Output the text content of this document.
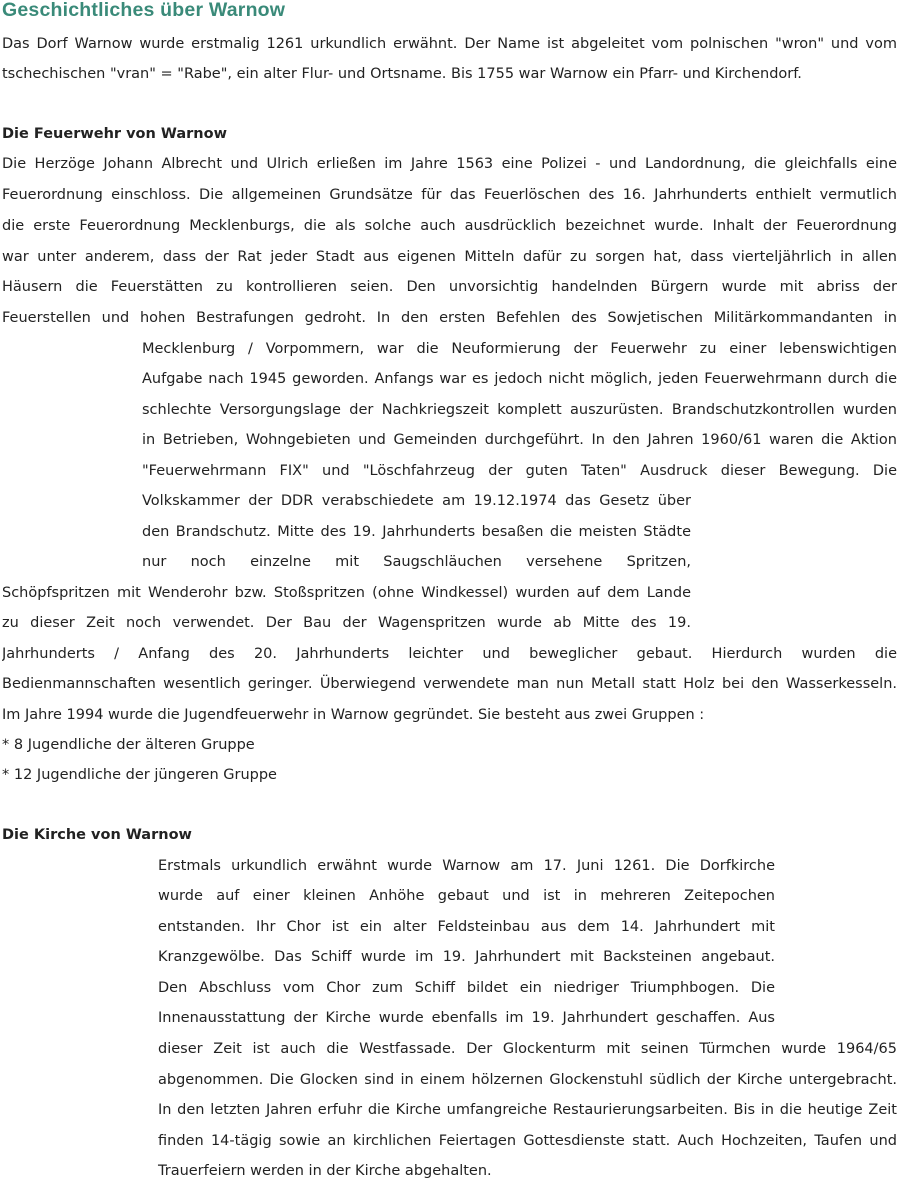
Geschichtliches über Warnow
Das Dorf Warnow wurde erstmalig 1261 urkundlich erwähnt. Der Name ist abgeleitet vom polnischen "wron" und vom
tschechischen "vran" = "Rabe", ein alter Flur- und Ortsname. Bis 1755 war Warnow ein Pfarr- und Kirchendorf.
Die Feuerwehr von Warnow
Die Herzöge Johann Albrecht und Ulrich erließen im Jahre 1563 eine Polizei - und Landordnung, die gleichfalls eine
Feuerordnung einschloss. Die allgemeinen Grundsätze für das Feuerlöschen des 16. Jahrhunderts enthielt vermutlich
die erste Feuerordnung Mecklenburgs, die als solche auch ausdrücklich bezeichnet wurde. Inhalt der Feuerordnung
war unter anderem, dass der Rat jeder Stadt aus eigenen Mitteln dafür zu sorgen hat, dass vierteljährlich in allen
Häusern die Feuerstätten zu kontrollieren seien. Den unvorsichtig handelnden Bürgern wurde mit abriss der
Feuerstellen und hohen Bestrafungen gedroht. In den ersten Befehlen des Sowjetischen Militärkommandanten in
Mecklenburg / Vorpommern, war die Neuformierung der Feuerwehr zu einer lebenswichtigen
Aufgabe nach 1945 geworden. Anfangs war es jedoch nicht möglich, jeden Feuerwehrmann durch die
schlechte Versorgungslage der Nachkriegszeit komplett auszurüsten. Brandschutzkontrollen wurden
in Betrieben, Wohngebieten und Gemeinden durchgeführt. In den Jahren 1960/61 waren die Aktion
"Feuerwehrmann FIX" und "Löschfahrzeug der guten Taten" Ausdruck dieser Bewegung. Die
Volkskammer der DDR verabschiedete am 19.12.1974 das Gesetz über
den Brandschutz. Mitte des 19. Jahrhunderts besaßen die meisten Städte
nur noch einzelne mit Saugschläuchen versehene Spritzen,
Schöpfspritzen mit Wenderohr bzw. Stoßspritzen (ohne Windkessel) wurden auf dem Lande
zu dieser Zeit noch verwendet. Der Bau der Wagenspritzen wurde ab Mitte des 19.
Jahrhunderts / Anfang des 20. Jahrhunderts leichter und beweglicher gebaut. Hierdurch wurden die
Bedienmannschaften wesentlich geringer. Überwiegend verwendete man nun Metall statt Holz bei den Wasserkesseln.
Im Jahre 1994 wurde die Jugendfeuerwehr in Warnow gegründet. Sie besteht aus zwei Gruppen :
* 8 Jugendliche der älteren Gruppe
* 12 Jugendliche der jüngeren Gruppe
Die Kirche von Warnow
Erstmals urkundlich erwähnt wurde Warnow am 17. Juni 1261. Die Dorfkirche
wurde auf einer kleinen Anhöhe gebaut und ist in mehreren Zeitepochen
entstanden. Ihr Chor ist ein alter Feldsteinbau aus dem 14. Jahrhundert mit
Kranzgewölbe. Das Schiff wurde im 19. Jahrhundert mit Backsteinen angebaut.
Den Abschluss vom Chor zum Schiff bildet ein niedriger Triumphbogen. Die
Innenausstattung der Kirche wurde ebenfalls im 19. Jahrhundert geschaffen. Aus
dieser Zeit ist auch die Westfassade. Der Glockenturm mit seinen Türmchen wurde 1964/65
abgenommen. Die Glocken sind in einem hölzernen Glockenstuhl südlich der Kirche untergebracht.
In den letzten Jahren erfuhr die Kirche umfangreiche Restaurierungsarbeiten. Bis in die heutige Zeit
finden 14-tägig sowie an kirchlichen Feiertagen Gottesdienste statt. Auch Hochzeiten, Taufen und
Trauerfeiern werden in der Kirche abgehalten.
